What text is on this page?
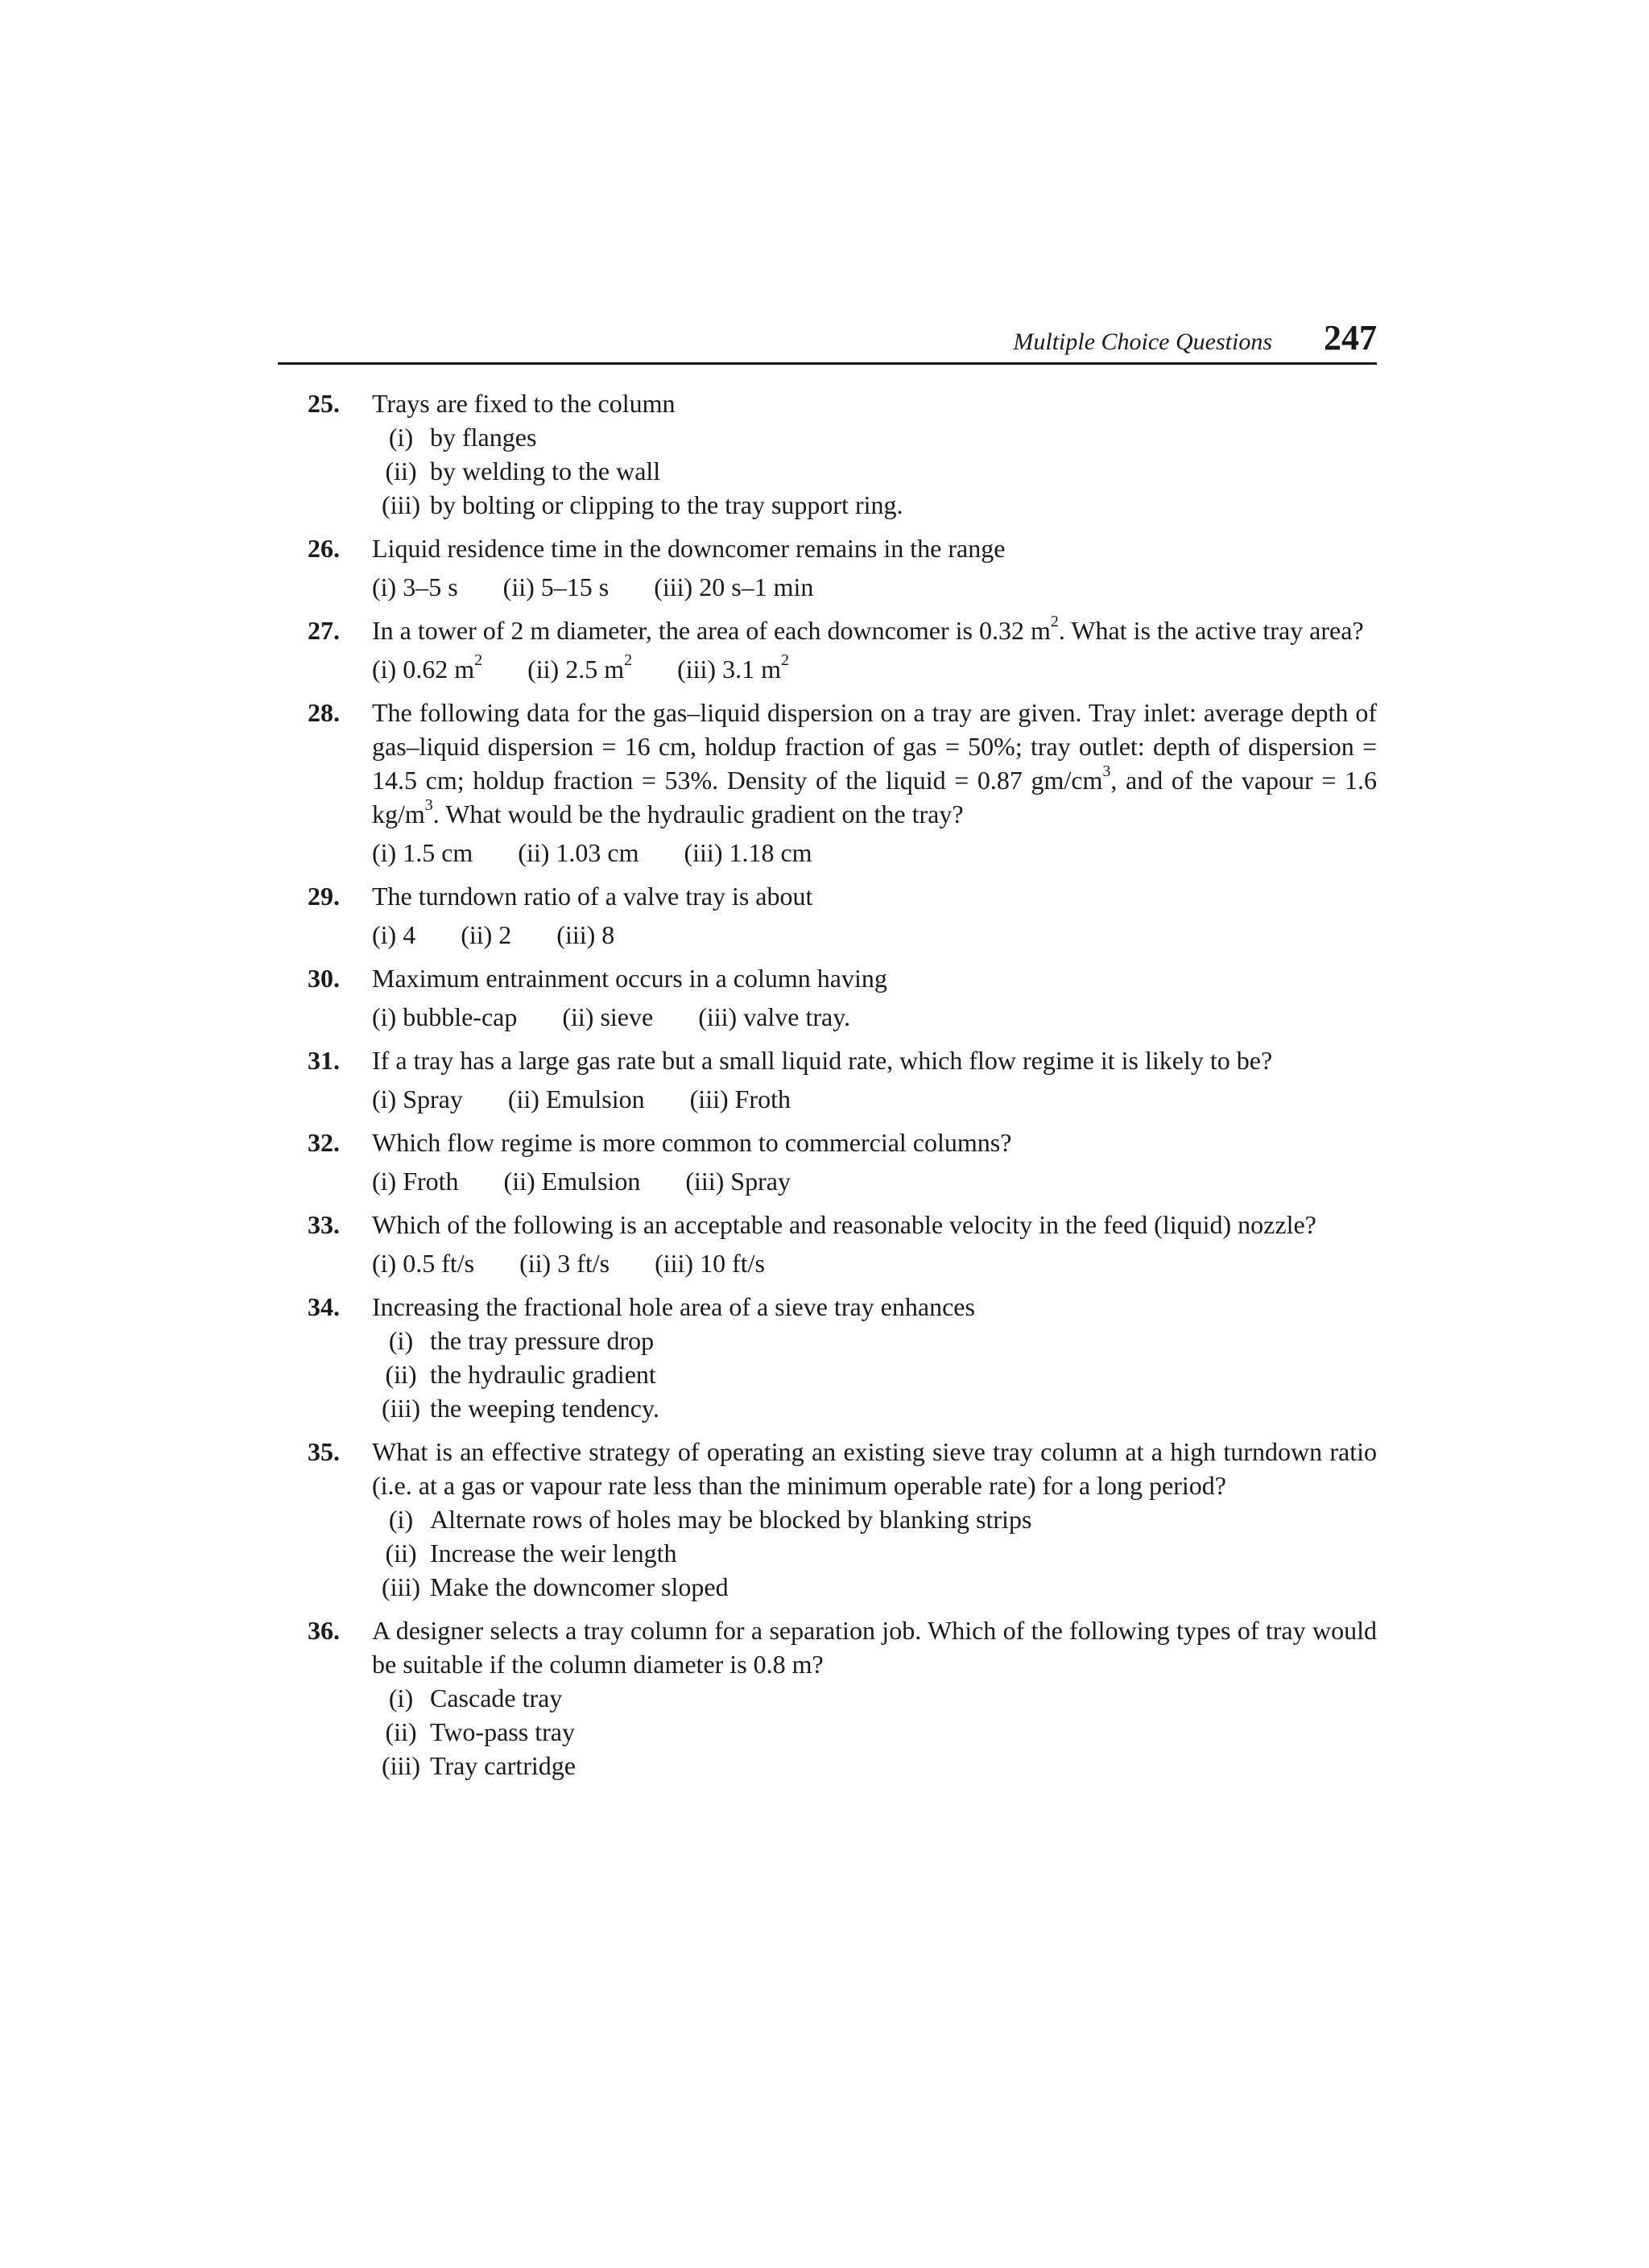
Multiple Choice Questions 247
25. Trays are fixed to the column
(i) by flanges
(ii) by welding to the wall
(iii) by bolting or clipping to the tray support ring.
26. Liquid residence time in the downcomer remains in the range
(i) 3–5 s (ii) 5–15 s (iii) 20 s–1 min
27. In a tower of 2 m diameter, the area of each downcomer is 0.32 $m^2$. What is the active tray area?
(i) 0.62 $m^2$ (ii) 2.5 $m^2$ (iii) 3.1 $m^2$
28. The following data for the gas–liquid dispersion on a tray are given. Tray inlet: average depth of gas–liquid dispersion = 16 cm, holdup fraction of gas = 50%; tray outlet: depth of dispersion = 14.5 cm; holdup fraction = 53%. Density of the liquid = 0.87 $gm/cm^3$, and of the vapour = 1.6 $kg/m^3$. What would be the hydraulic gradient on the tray?
(i) 1.5 cm (ii) 1.03 cm (iii) 1.18 cm
29. The turndown ratio of a valve tray is about
(i) 4 (ii) 2 (iii) 8
30. Maximum entrainment occurs in a column having
(i) bubble-cap (ii) sieve (iii) valve tray.
31. If a tray has a large gas rate but a small liquid rate, which flow regime it is likely to be?
(i) Spray (ii) Emulsion (iii) Froth
32. Which flow regime is more common to commercial columns?
(i) Froth (ii) Emulsion (iii) Spray
33. Which of the following is an acceptable and reasonable velocity in the feed (liquid) nozzle?
(i) 0.5 ft/s (ii) 3 ft/s (iii) 10 ft/s
34. Increasing the fractional hole area of a sieve tray enhances
(i) the tray pressure drop
(ii) the hydraulic gradient
(iii) the weeping tendency.
35. What is an effective strategy of operating an existing sieve tray column at a high turndown ratio (i.e. at a gas or vapour rate less than the minimum operable rate) for a long period?
(i) Alternate rows of holes may be blocked by blanking strips
(ii) Increase the weir length
(iii) Make the downcomer sloped
36. A designer selects a tray column for a separation job. Which of the following types of tray would be suitable if the column diameter is 0.8 m?
(i) Cascade tray
(ii) Two-pass tray
(iii) Tray cartridge
